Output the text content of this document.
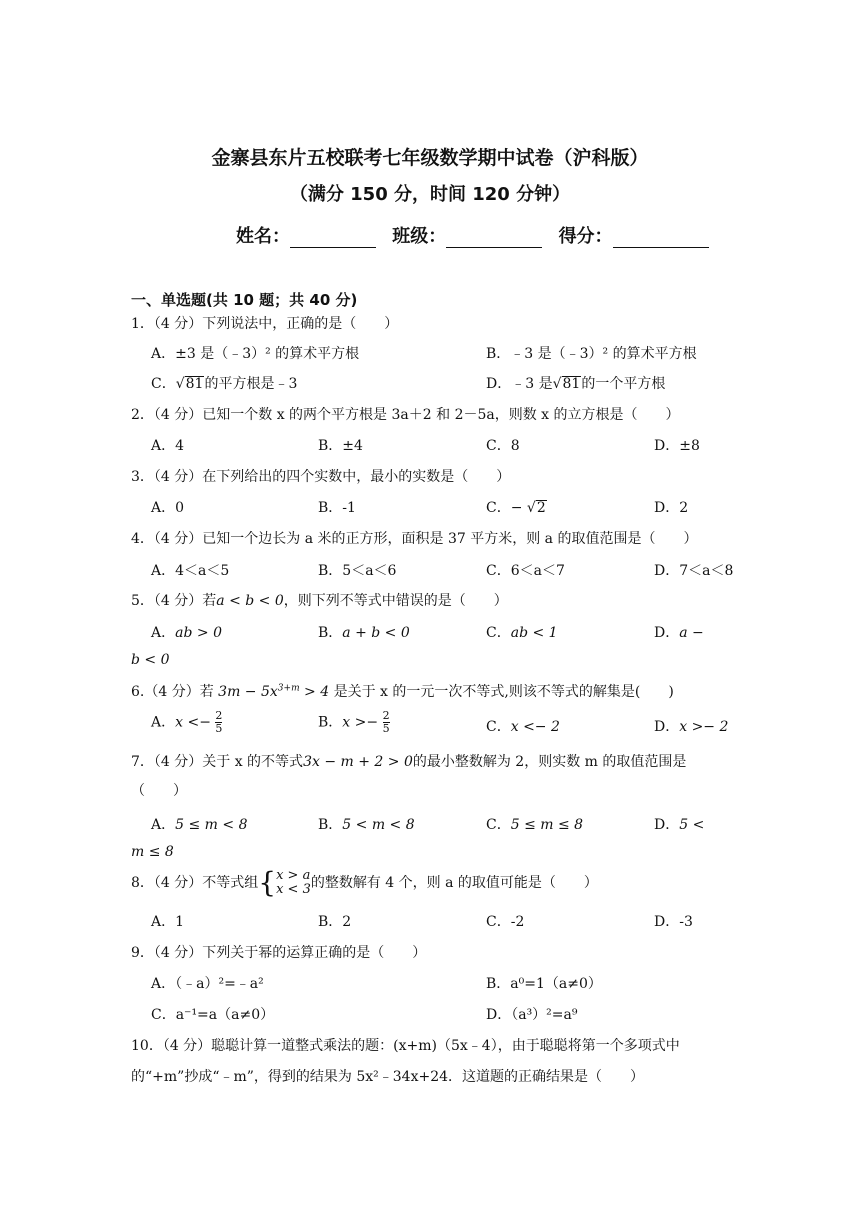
金寨县东片五校联考七年级数学期中试卷（沪科版）
（满分 150 分，时间 120 分钟）
姓名：	班级：	得分：
一、单选题(共 10 题；共 40 分)
1．（4 分）下列说法中，正确的是（　　）
A．±3 是（﹣3）² 的算术平方根	B．﹣3 是（﹣3）² 的算术平方根
C．√81的平方根是﹣3	D．﹣3 是√81的一个平方根
2．（4 分）已知一个数 x 的两个平方根是 3a＋2 和 2－5a，则数 x 的立方根是（　　）
A．4	B．±4	C．8	D．±8
3．（4 分）在下列给出的四个实数中，最小的实数是（　　）
A．0	B．-1	C．− √2	D．2
4．（4 分）已知一个边长为 a 米的正方形，面积是 37 平方米，则 a 的取值范围是（　　）
A．4＜a＜5	B．5＜a＜6	C．6＜a＜7	D．7＜a＜8
5．（4 分）若a < b < 0，则下列不等式中错误的是（　　）
A．ab > 0	B．a + b < 0	C．ab < 1	D．a −
b < 0
6.（4 分）若 $3m - 5x^{3+m} > 4$ 是关于 x 的一元一次不等式,则该不等式的解集是(　　)
A．$x <- \frac{2}{5}$	B．$x >- \frac{2}{5}$	C．x <− 2	D．x >− 2
7．（4 分）关于 x 的不等式3x − m + 2 > 0的最小整数解为 2，则实数 m 的取值范围是
（　　）
A．5 ≤ m < 8	B．5 < m < 8	C．5 ≤ m ≤ 8	D．5 <
m ≤ 8
8．（4 分）不等式组{ x > a
x < 3 的整数解有 4 个，则 a 的取值可能是（　　）
A．1	B．2	C．-2	D．-3
9．（4 分）下列关于幂的运算正确的是（　　）
A．（﹣a）²=﹣a²	B．a⁰=1（a≠0）
C．a⁻¹=a（a≠0）	D．（a³）²=a⁹
10．（4 分）聪聪计算一道整式乘法的题：(x+m)（5x﹣4），由于聪聪将第一个多项式中
的“+m”抄成“﹣m”，得到的结果为 5x²﹣34x+24．这道题的正确结果是（　　）
